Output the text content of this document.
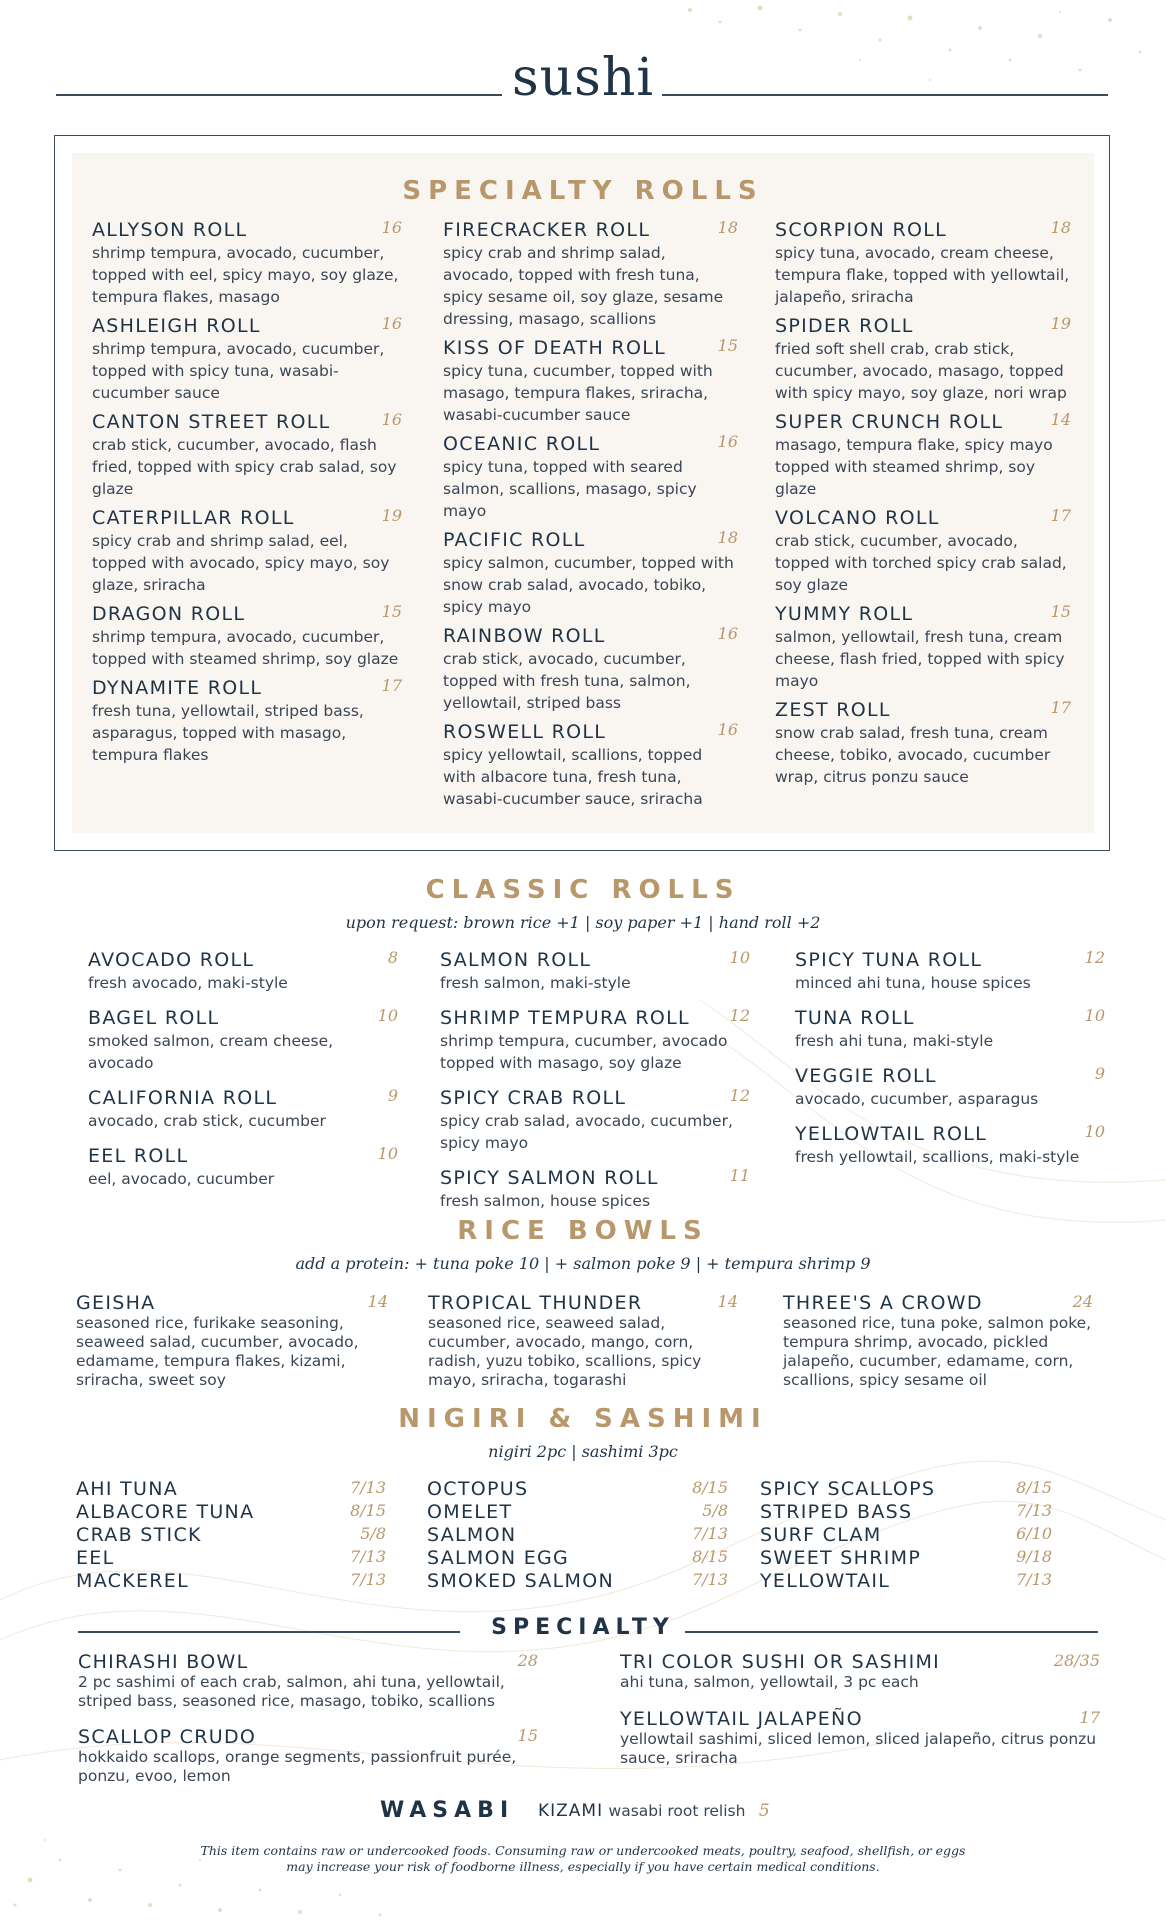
sushi
SPECIALTY ROLLS
ALLYSON ROLL	16
shrimp tempura, avocado, cucumber, topped with eel, spicy mayo, soy glaze, tempura flakes, masago
ASHLEIGH ROLL	16
shrimp tempura, avocado, cucumber, topped with spicy tuna, wasabi-cucumber sauce
CANTON STREET ROLL	16
crab stick, cucumber, avocado, flash fried, topped with spicy crab salad, soy glaze
CATERPILLAR ROLL	19
spicy crab and shrimp salad, eel, topped with avocado, spicy mayo, soy glaze, sriracha
DRAGON ROLL	15
shrimp tempura, avocado, cucumber, topped with steamed shrimp, soy glaze
DYNAMITE ROLL	17
fresh tuna, yellowtail, striped bass, asparagus, topped with masago, tempura flakes
FIRECRACKER ROLL	18
spicy crab and shrimp salad, avocado, topped with fresh tuna, spicy sesame oil, soy glaze, sesame dressing, masago, scallions
KISS OF DEATH ROLL	15
spicy tuna, cucumber, topped with masago, tempura flakes, sriracha, wasabi-cucumber sauce
OCEANIC ROLL	16
spicy tuna, topped with seared salmon, scallions, masago, spicy mayo
PACIFIC ROLL	18
spicy salmon, cucumber, topped with snow crab salad, avocado, tobiko, spicy mayo
RAINBOW ROLL	16
crab stick, avocado, cucumber, topped with fresh tuna, salmon, yellowtail, striped bass
ROSWELL ROLL	16
spicy yellowtail, scallions, topped with albacore tuna, fresh tuna, wasabi-cucumber sauce, sriracha
SCORPION ROLL	18
spicy tuna, avocado, cream cheese, tempura flake, topped with yellowtail, jalapeño, sriracha
SPIDER ROLL	19
fried soft shell crab, crab stick, cucumber, avocado, masago, topped with spicy mayo, soy glaze, nori wrap
SUPER CRUNCH ROLL	14
masago, tempura flake, spicy mayo topped with steamed shrimp, soy glaze
VOLCANO ROLL	17
crab stick, cucumber, avocado, topped with torched spicy crab salad, soy glaze
YUMMY ROLL	15
salmon, yellowtail, fresh tuna, cream cheese, flash fried, topped with spicy mayo
ZEST ROLL	17
snow crab salad, fresh tuna, cream cheese, tobiko, avocado, cucumber wrap, citrus ponzu sauce
CLASSIC ROLLS
upon request: brown rice +1 | soy paper +1 | hand roll +2
AVOCADO ROLL	8
fresh avocado, maki-style
BAGEL ROLL	10
smoked salmon, cream cheese, avocado
CALIFORNIA ROLL	9
avocado, crab stick, cucumber
EEL ROLL	10
eel, avocado, cucumber
SALMON ROLL	10
fresh salmon, maki-style
SHRIMP TEMPURA ROLL	12
shrimp tempura, cucumber, avocado topped with masago, soy glaze
SPICY CRAB ROLL	12
spicy crab salad, avocado, cucumber, spicy mayo
SPICY SALMON ROLL	11
fresh salmon, house spices
SPICY TUNA ROLL	12
minced ahi tuna, house spices
TUNA ROLL	10
fresh ahi tuna, maki-style
VEGGIE ROLL	9
avocado, cucumber, asparagus
YELLOWTAIL ROLL	10
fresh yellowtail, scallions, maki-style
RICE BOWLS
add a protein: + tuna poke 10 | + salmon poke 9 | + tempura shrimp 9
GEISHA	14
seasoned rice, furikake seasoning, seaweed salad, cucumber, avocado, edamame, tempura flakes, kizami, sriracha, sweet soy
TROPICAL THUNDER	14
seasoned rice, seaweed salad, cucumber, avocado, mango, corn, radish, yuzu tobiko, scallions, spicy mayo, sriracha, togarashi
THREE'S A CROWD	24
seasoned rice, tuna poke, salmon poke, tempura shrimp, avocado, pickled jalapeño, cucumber, edamame, corn, scallions, spicy sesame oil
NIGIRI & SASHIMI
nigiri 2pc | sashimi 3pc
AHI TUNA	7/13
ALBACORE TUNA	8/15
CRAB STICK	5/8
EEL	7/13
MACKEREL	7/13
OCTOPUS	8/15
OMELET	5/8
SALMON	7/13
SALMON EGG	8/15
SMOKED SALMON	7/13
SPICY SCALLOPS	8/15
STRIPED BASS	7/13
SURF CLAM	6/10
SWEET SHRIMP	9/18
YELLOWTAIL	7/13
SPECIALTY
CHIRASHI BOWL	28
2 pc sashimi of each crab, salmon, ahi tuna, yellowtail, striped bass, seasoned rice, masago, tobiko, scallions
SCALLOP CRUDO	15
hokkaido scallops, orange segments, passionfruit purée, ponzu, evoo, lemon
TRI COLOR SUSHI OR SASHIMI	28/35
ahi tuna, salmon, yellowtail, 3 pc each
YELLOWTAIL JALAPEÑO	17
yellowtail sashimi, sliced lemon, sliced jalapeño, citrus ponzu sauce, sriracha
WASABI KIZAMI wasabi root relish 5
This item contains raw or undercooked foods. Consuming raw or undercooked meats, poultry, seafood, shellfish, or eggs
may increase your risk of foodborne illness, especially if you have certain medical conditions.
